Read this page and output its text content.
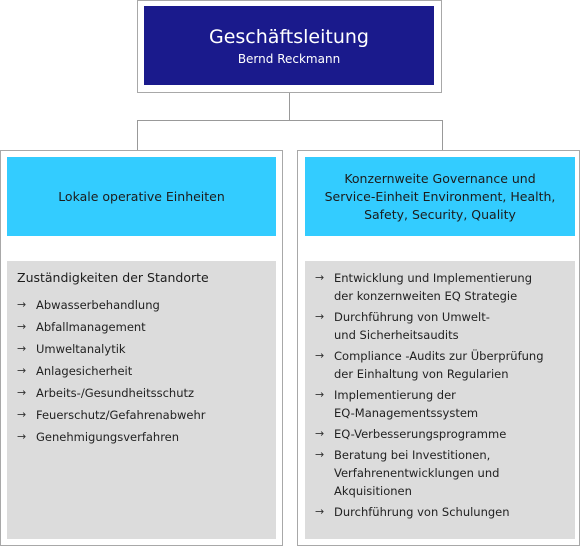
Geschäftsleitung
Bernd Reckmann
Lokale operative Einheiten
Zuständigkeiten der Standorte
→ Abwasserbehandlung
→ Abfallmanagement
→ Umweltanalytik
→ Anlagesicherheit
→ Arbeits-/Gesundheitsschutz
→ Feuerschutz/Gefahrenabwehr
→ Genehmigungsverfahren
Konzernweite Governance und
Service-Einheit Environment, Health,
Safety, Security, Quality
→ Entwicklung und Implementierung
der konzernweiten EQ Strategie
→ Durchführung von Umwelt-
und Sicherheitsaudits
→ Compliance -Audits zur Überprüfung
der Einhaltung von Regularien
→ Implementierung der
EQ-Managementssystem
→ EQ-Verbesserungsprogramme
→ Beratung bei Investitionen,
Verfahrenentwicklungen und
Akquisitionen
→ Durchführung von Schulungen
